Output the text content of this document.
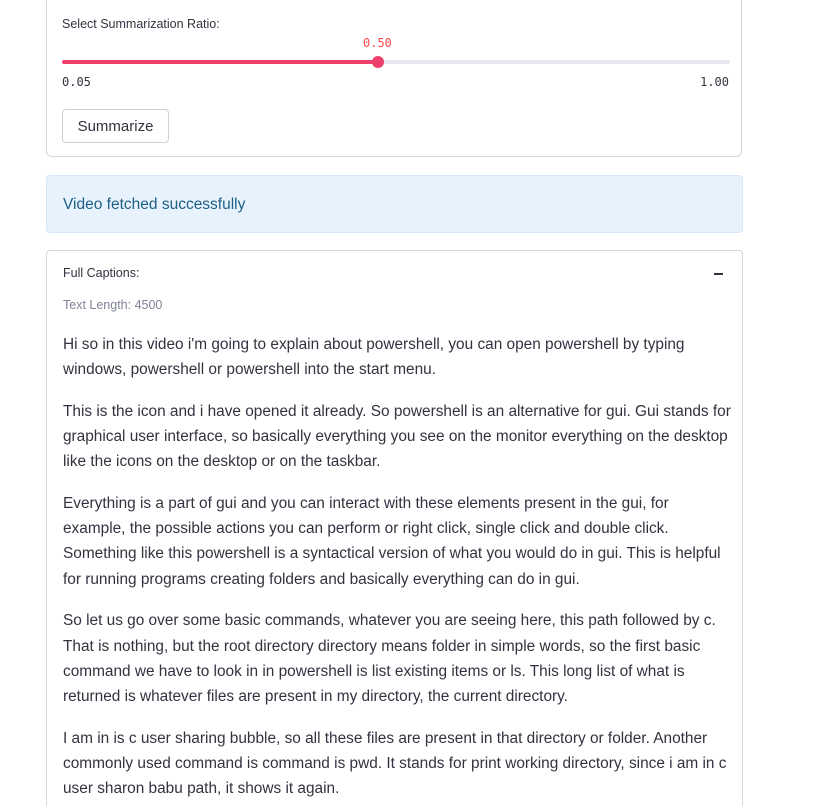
Select Summarization Ratio:
0.50
0.05	1.00
Summarize
Video fetched successfully
Full Captions:
Text Length: 4500

Hi so in this video i'm going to explain about powershell, you can open powershell by typing windows, powershell or powershell into the start menu.

This is the icon and i have opened it already. So powershell is an alternative for gui. Gui stands for graphical user interface, so basically everything you see on the monitor everything on the desktop like the icons on the desktop or on the taskbar.

Everything is a part of gui and you can interact with these elements present in the gui, for example, the possible actions you can perform or right click, single click and double click. Something like this powershell is a syntactical version of what you would do in gui. This is helpful for running programs creating folders and basically everything can do in gui.

So let us go over some basic commands, whatever you are seeing here, this path followed by c. That is nothing, but the root directory directory means folder in simple words, so the first basic command we have to look in in powershell is list existing items or ls. This long list of what is returned is whatever files are present in my directory, the current directory.

I am in is c user sharing bubble, so all these files are present in that directory or folder. Another commonly used command is command is pwd. It stands for print working directory, since i am in c user sharon babu path, it shows it again.
